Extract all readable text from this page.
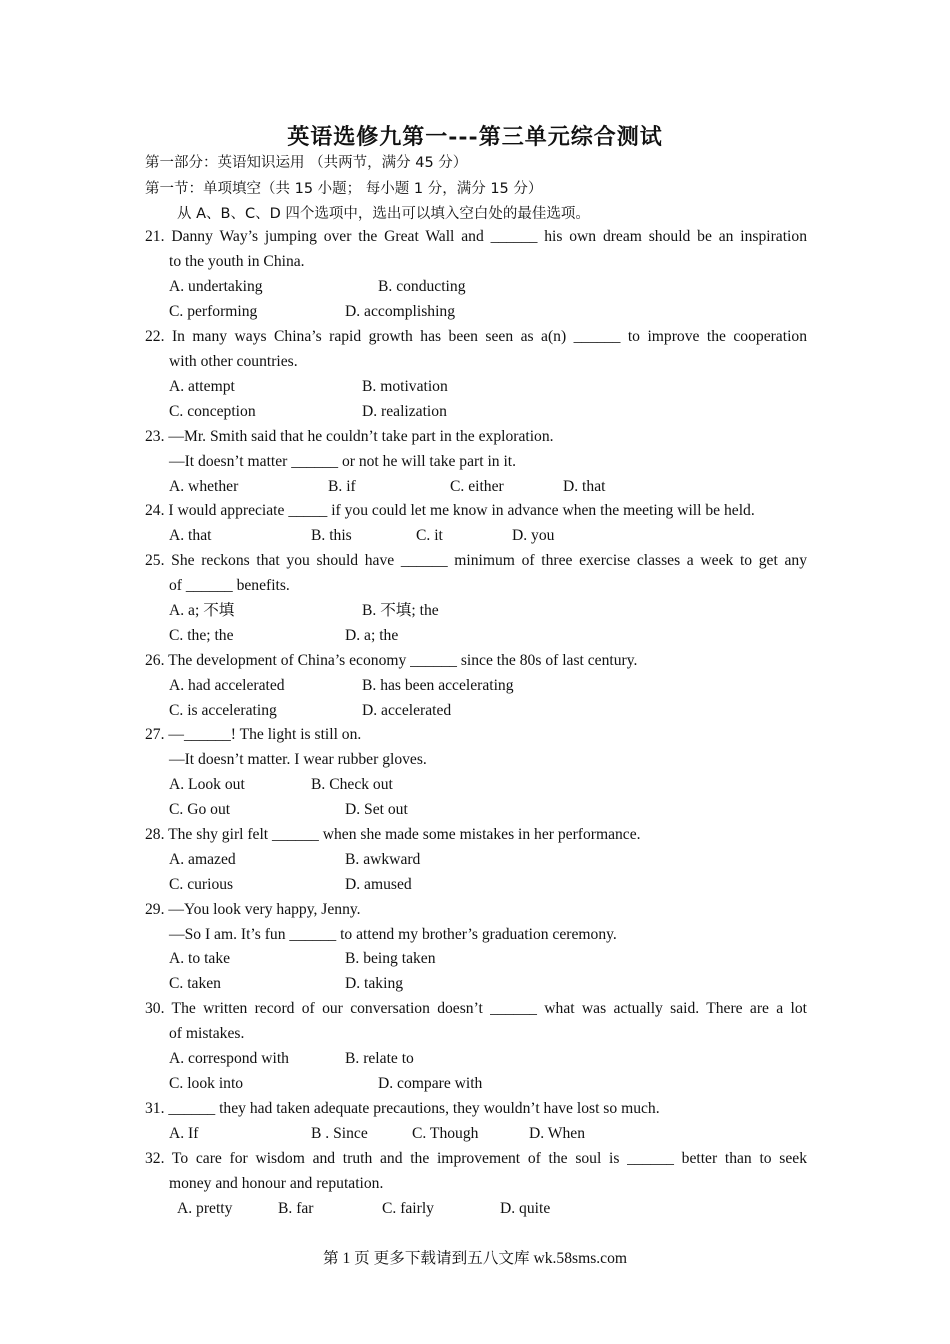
英语选修九第一---第三单元综合测试
第一部分：英语知识运用 （共两节，满分 45 分）
第一节：单项填空（共 15 小题； 每小题 1 分，满分 15 分）
从 A、B、C、D 四个选项中，选出可以填入空白处的最佳选项。
21. Danny Way’s jumping over the Great Wall and ______ his own dream should be an inspiration
to the youth in China.
A. undertaking	B. conducting
C. performing	D. accomplishing
22. In many ways China’s rapid growth has been seen as a(n) ______ to improve the cooperation
with other countries.
A. attempt	B. motivation
C. conception	D. realization
23. —Mr. Smith said that he couldn’t take part in the exploration.
—It doesn’t matter ______ or not he will take part in it.
A. whether	B. if	C. either	D. that
24. I would appreciate _____ if you could let me know in advance when the meeting will be held.
A. that	B. this	C. it	D. you
25. She reckons that you should have ______ minimum of three exercise classes a week to get any
of ______ benefits.
A. a; 不填	B. 不填; the
C. the; the	D. a; the
26. The development of China’s economy ______ since the 80s of last century.
A. had accelerated	B. has been accelerating
C. is accelerating	D. accelerated
27. —______! The light is still on.
—It doesn’t matter. I wear rubber gloves.
A. Look out	B. Check out
C. Go out	D. Set out
28. The shy girl felt ______ when she made some mistakes in her performance.
A. amazed	B. awkward
C. curious	D. amused
29. —You look very happy, Jenny.
—So I am. It’s fun ______ to attend my brother’s graduation ceremony.
A. to take	B. being taken
C. taken	D. taking
30. The written record of our conversation doesn’t ______ what was actually said. There are a lot
of mistakes.
A. correspond with	B. relate to
C. look into	D. compare with
31. ______ they had taken adequate precautions, they wouldn’t have lost so much.
A. If	B . Since	C. Though	D. When
32. To care for wisdom and truth and the improvement of the soul is ______ better than to seek
money and honour and reputation.
A. pretty	B. far	C. fairly	D. quite
第 1 页 更多下载请到五八文库 wk.58sms.com
